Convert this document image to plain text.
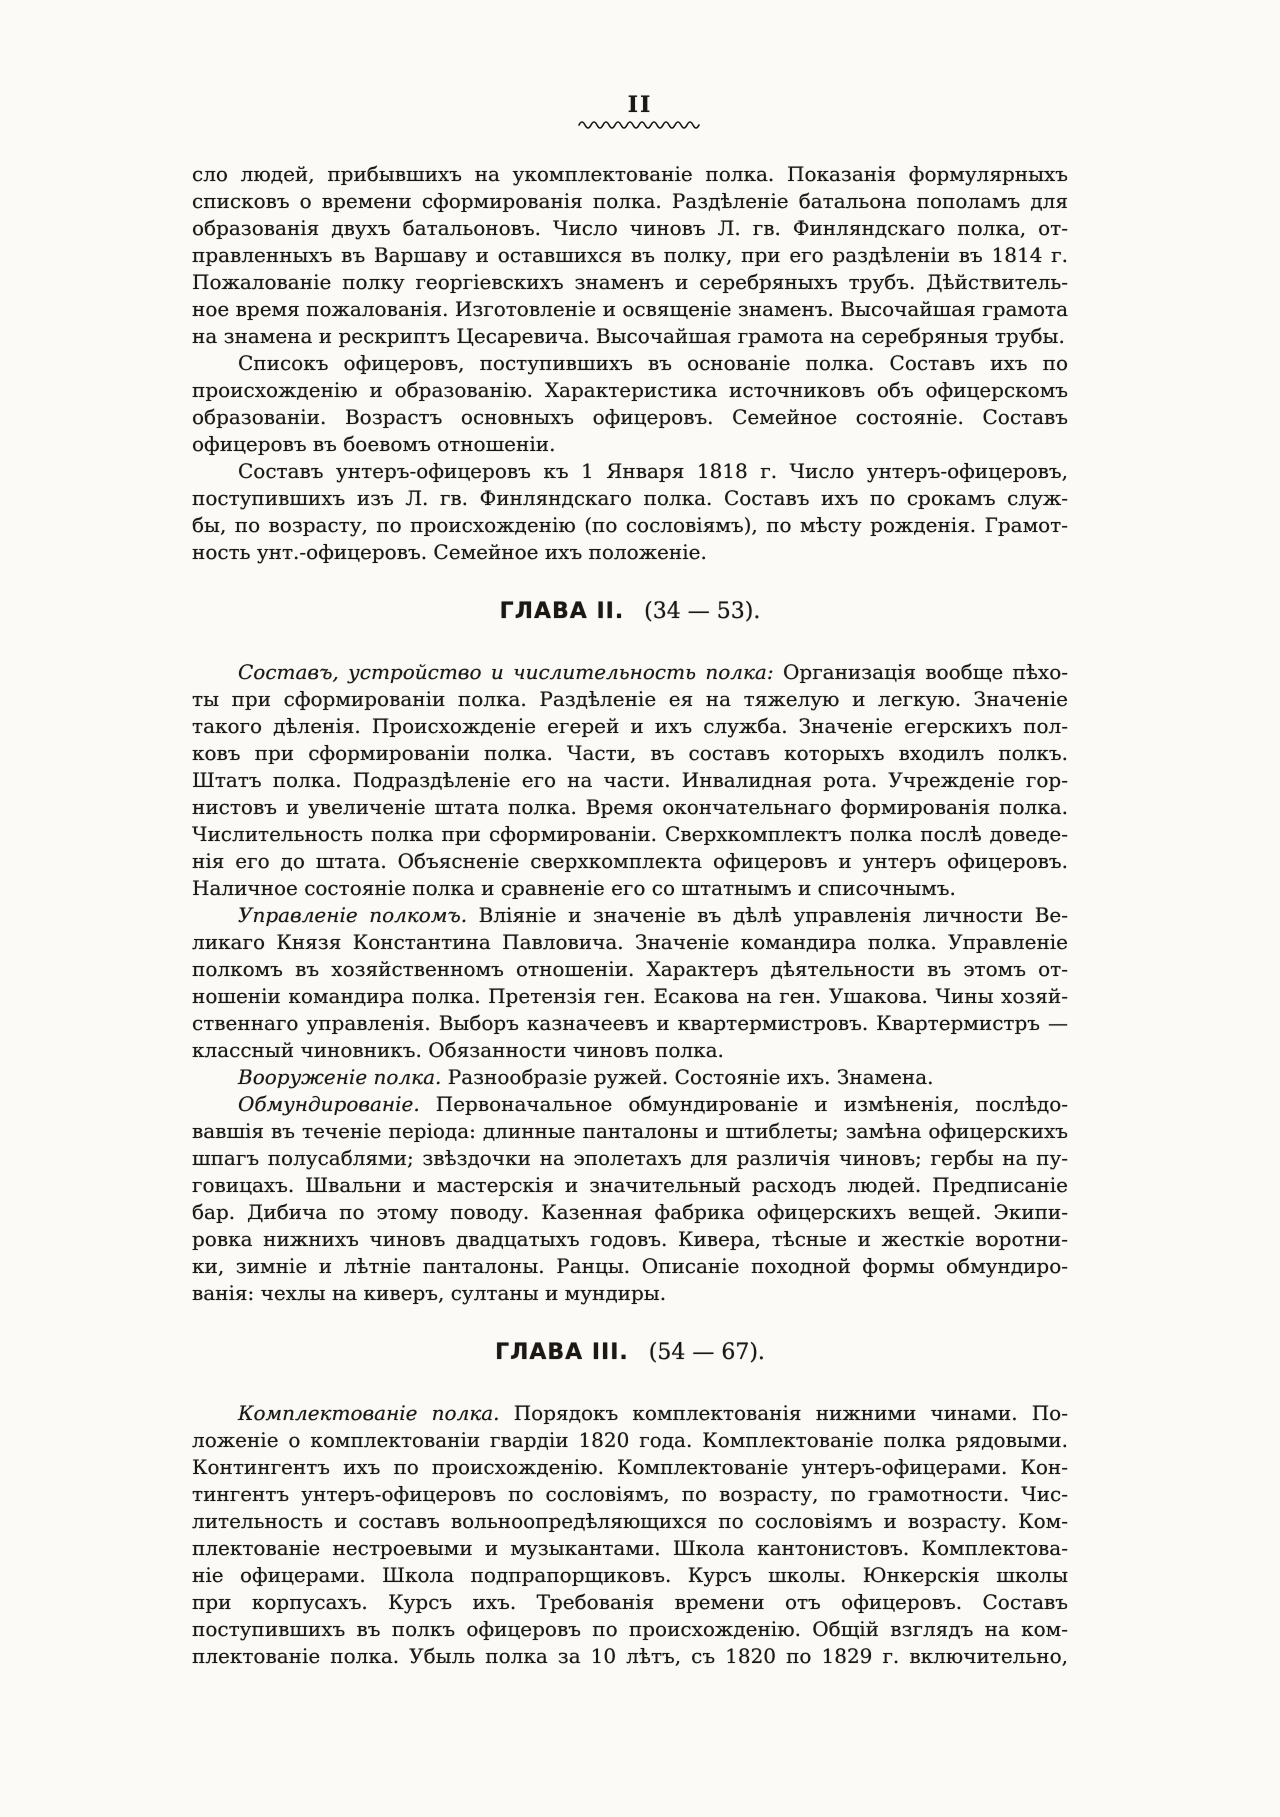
II
сло людей, прибывшихъ на укомплектованіе полка. Показанія формулярныхъ
списковъ о времени сформированія полка. Раздѣленіе батальона пополамъ для
образованія двухъ батальоновъ. Число чиновъ Л. гв. Финляндскаго полка, от-
правленныхъ въ Варшаву и оставшихся въ полку, при его раздѣленіи въ 1814 г.
Пожалованіе полку георгіевскихъ знаменъ и серебряныхъ трубъ. Дѣйствитель-
ное время пожалованія. Изготовленіе и освященіе знаменъ. Высочайшая грамота
на знамена и рескриптъ Цесаревича. Высочайшая грамота на серебряныя трубы.
Списокъ офицеровъ, поступившихъ въ основаніе полка. Составъ ихъ по
происхожденію и образованію. Характеристика источниковъ объ офицерскомъ
образованіи. Возрастъ основныхъ офицеровъ. Семейное состояніе. Составъ
офицеровъ въ боевомъ отношеніи.
Составъ унтеръ-офицеровъ къ 1 Января 1818 г. Число унтеръ-офицеровъ,
поступившихъ изъ Л. гв. Финляндскаго полка. Составъ ихъ по срокамъ служ-
бы, по возрасту, по происхожденію (по сословіямъ), по мѣсту рожденія. Грамот-
ность унт.-офицеровъ. Семейное ихъ положеніе.
ГЛАВА II. (34 — 53).
Составъ, устройство и числительность полка: Организація вообще пѣхо-
ты при сформированіи полка. Раздѣленіе ея на тяжелую и легкую. Значеніе
такого дѣленія. Происхожденіе егерей и ихъ служба. Значеніе егерскихъ пол-
ковъ при сформированіи полка. Части, въ составъ которыхъ входилъ полкъ.
Штатъ полка. Подраздѣленіе его на части. Инвалидная рота. Учрежденіе гор-
нистовъ и увеличеніе штата полка. Время окончательнаго формированія полка.
Числительность полка при сформированіи. Сверхкомплектъ полка послѣ доведе-
нія его до штата. Объясненіе сверхкомплекта офицеровъ и унтеръ офицеровъ.
Наличное состояніе полка и сравненіе его со штатнымъ и списочнымъ.
Управленіе полкомъ. Вліяніе и значеніе въ дѣлѣ управленія личности Ве-
ликаго Князя Константина Павловича. Значеніе командира полка. Управленіе
полкомъ въ хозяйственномъ отношеніи. Характеръ дѣятельности въ этомъ от-
ношеніи командира полка. Претензія ген. Есакова на ген. Ушакова. Чины хозяй-
ственнаго управленія. Выборъ казначеевъ и квартермистровъ. Квартермистръ —
классный чиновникъ. Обязанности чиновъ полка.
Вооруженіе полка. Разнообразіе ружей. Состояніе ихъ. Знамена.
Обмундированіе. Первоначальное обмундированіе и измѣненія, послѣдо-
вавшія въ теченіе періода: длинные панталоны и штиблеты; замѣна офицерскихъ
шпагъ полусаблями; звѣздочки на эполетахъ для различія чиновъ; гербы на пу-
говицахъ. Швальни и мастерскія и значительный расходъ людей. Предписаніе
бар. Дибича по этому поводу. Казенная фабрика офицерскихъ вещей. Экипи-
ровка нижнихъ чиновъ двадцатыхъ годовъ. Кивера, тѣсные и жесткіе воротни-
ки, зимніе и лѣтніе панталоны. Ранцы. Описаніе походной формы обмундиро-
ванія: чехлы на киверъ, султаны и мундиры.
ГЛАВА III. (54 — 67).
Комплектованіе полка. Порядокъ комплектованія нижними чинами. По-
ложеніе о комплектованіи гвардіи 1820 года. Комплектованіе полка рядовыми.
Контингентъ ихъ по происхожденію. Комплектованіе унтеръ-офицерами. Кон-
тингентъ унтеръ-офицеровъ по сословіямъ, по возрасту, по грамотности. Чис-
лительность и составъ вольноопредѣляющихся по сословіямъ и возрасту. Ком-
плектованіе нестроевыми и музыкантами. Школа кантонистовъ. Комплектова-
ніе офицерами. Школа подпрапорщиковъ. Курсъ школы. Юнкерскія школы
при корпусахъ. Курсъ ихъ. Требованія времени отъ офицеровъ. Составъ
поступившихъ въ полкъ офицеровъ по происхожденію. Общій взглядъ на ком-
плектованіе полка. Убыль полка за 10 лѣтъ, съ 1820 по 1829 г. включительно,
